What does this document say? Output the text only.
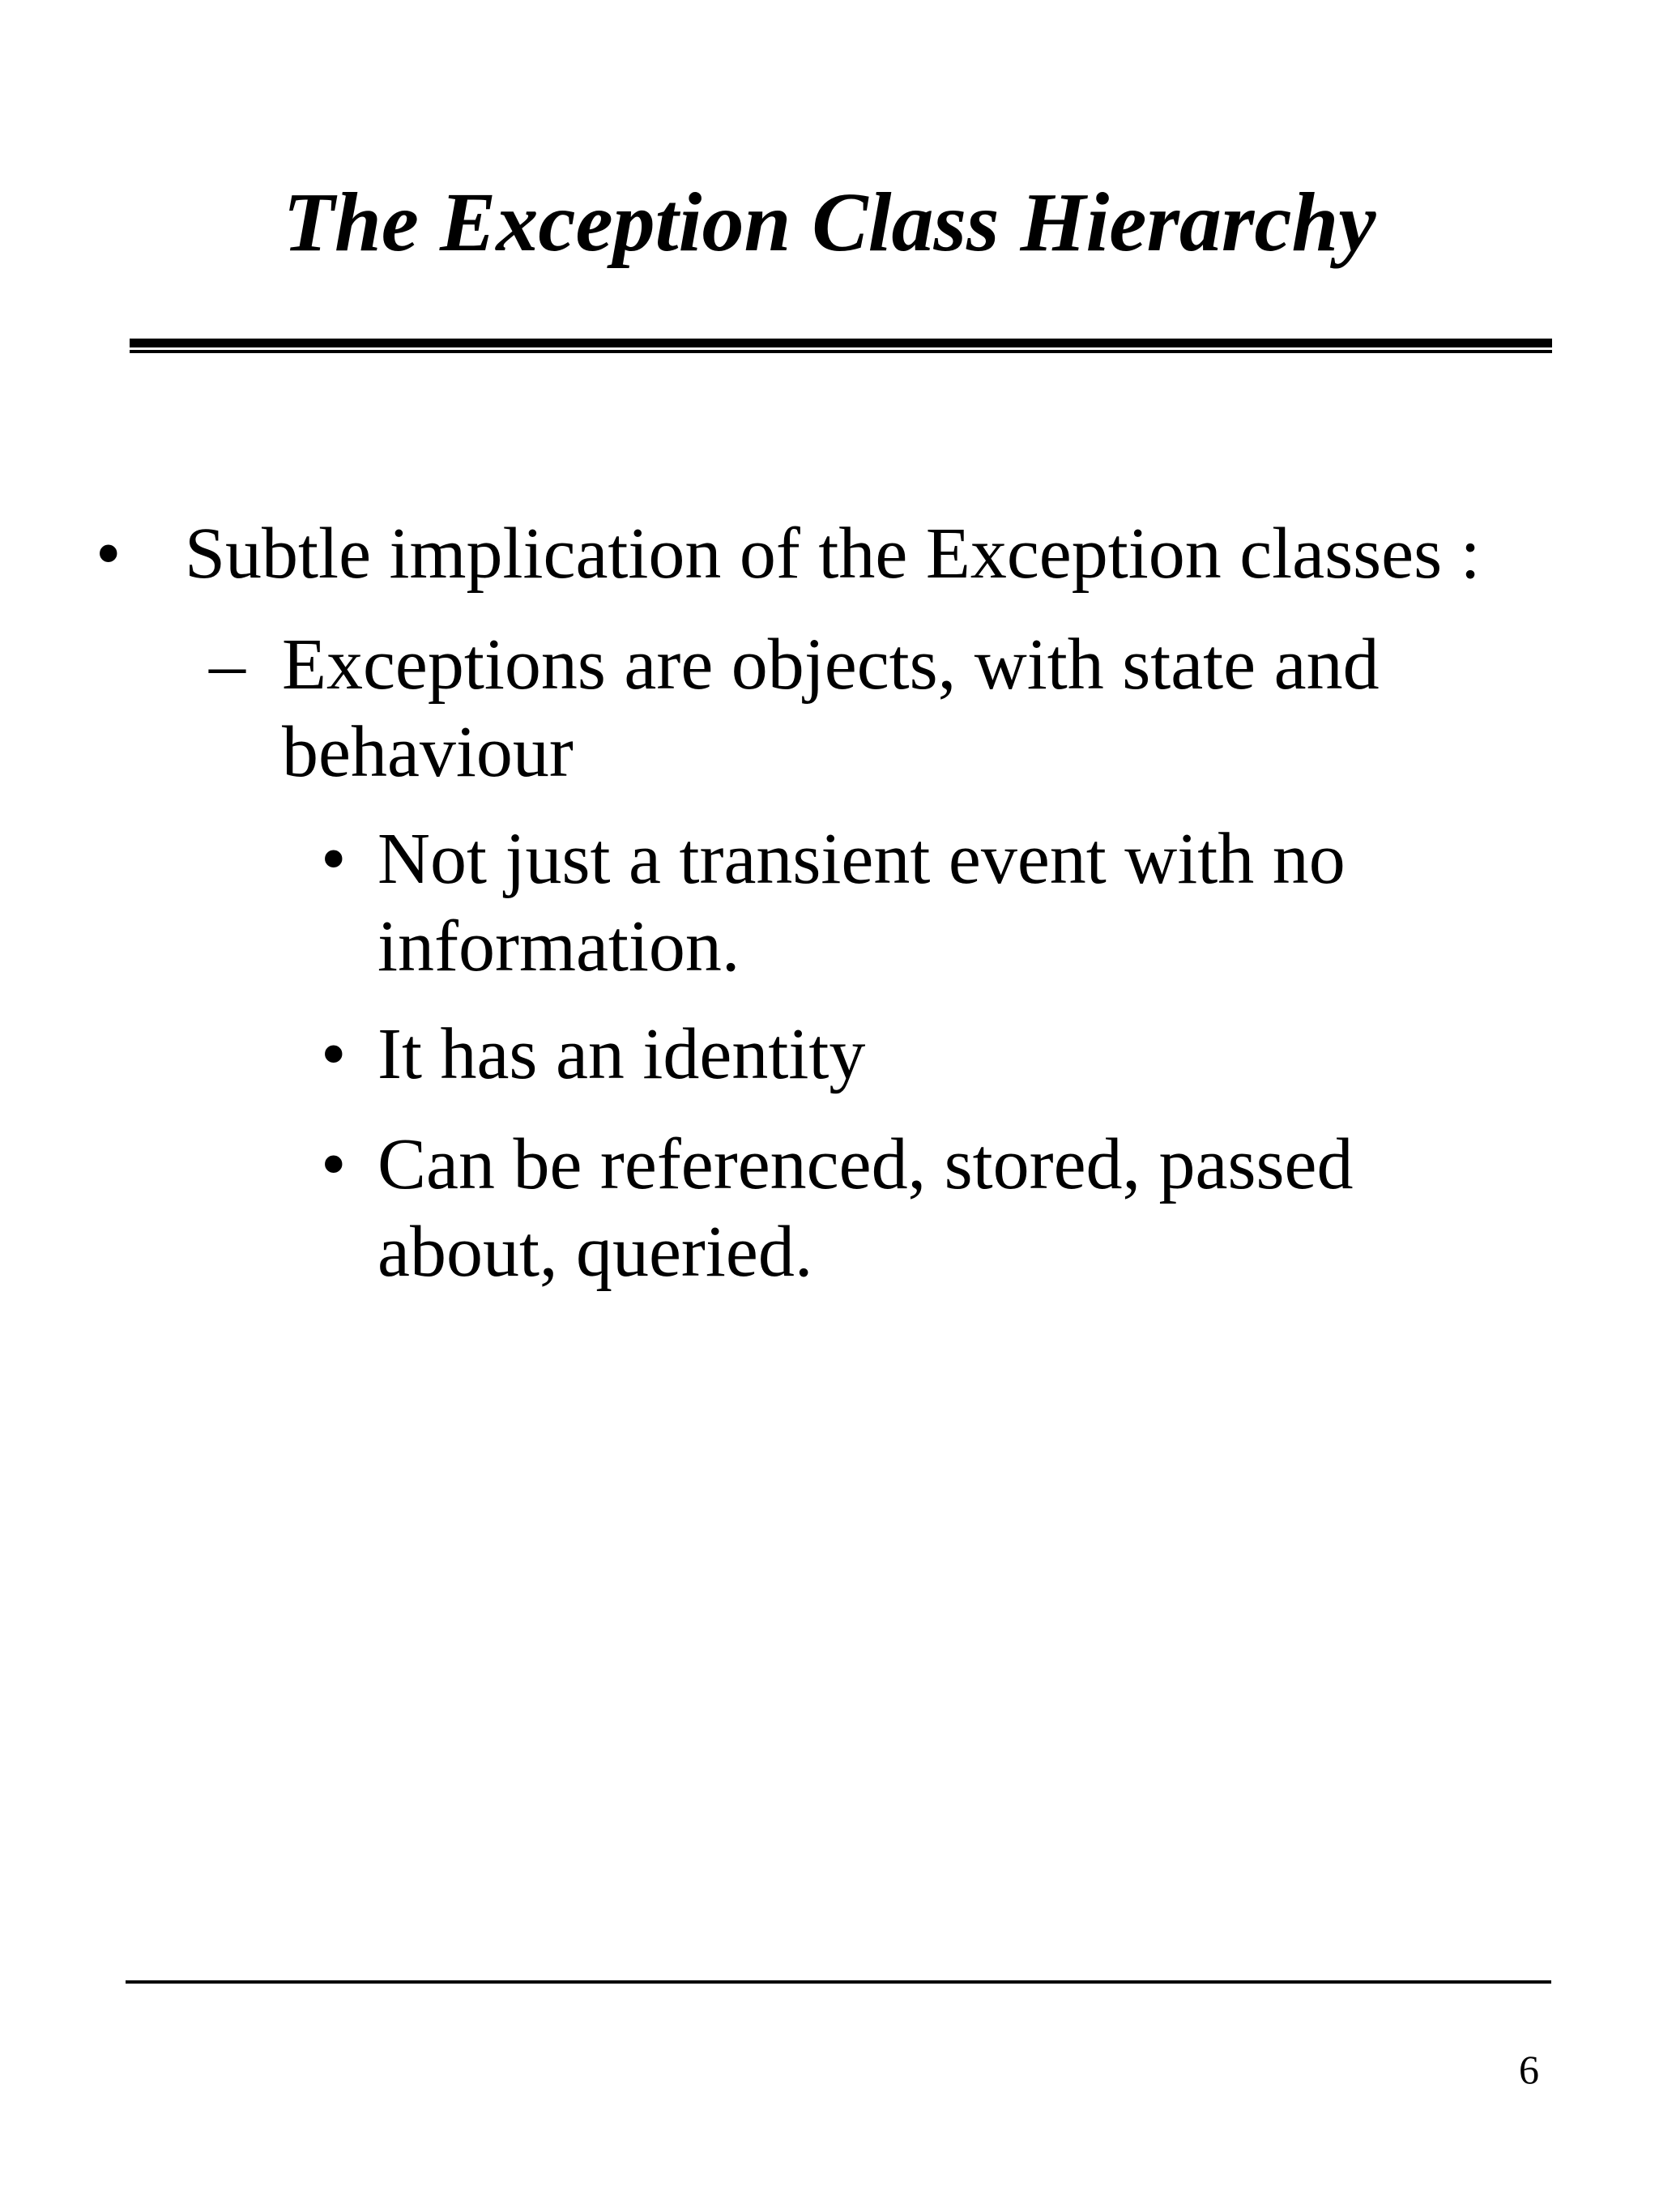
The Exception Class Hierarchy
• Subtle implication of the Exception classes :
– Exceptions are objects, with state and
behaviour
• Not just a transient event with no
information.
• It has an identity
• Can be referenced, stored, passed
about, queried.
6
